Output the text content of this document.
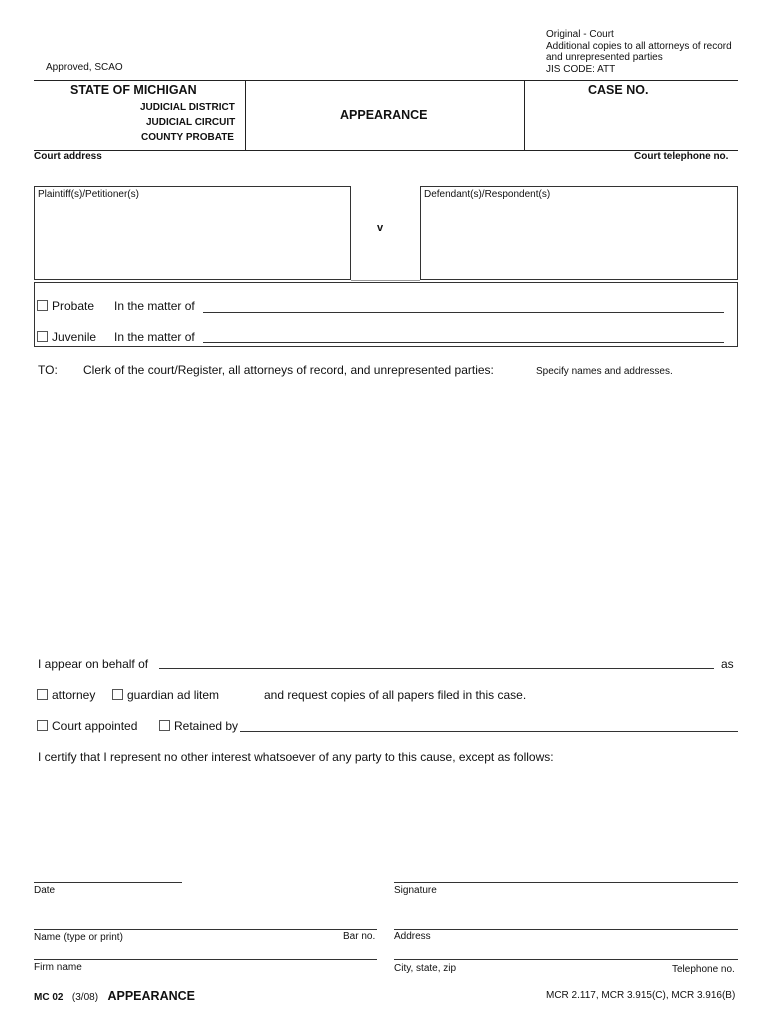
Original - Court
Additional copies to all attorneys of record
and unrepresented parties
JIS CODE: ATT
Approved, SCAO
STATE OF MICHIGAN
JUDICIAL DISTRICT
JUDICIAL CIRCUIT
COUNTY PROBATE
APPEARANCE
CASE NO.
Court address	Court telephone no.
Plaintiff(s)/Petitioner(s)
v
Defendant(s)/Respondent(s)
Probate In the matter of
Juvenile In the matter of
TO: Clerk of the court/Register, all attorneys of record, and unrepresented parties:	Specify names and addresses.
I appear on behalf of	as
attorney	guardian ad litem	and request copies of all papers filed in this case.
Court appointed	Retained by
I certify that I represent no other interest whatsoever of any party to this cause, except as follows:
Date	Signature
Name (type or print)	Bar no. Address
Firm name	City, state, zip	Telephone no.
MC 02 (3/08) APPEARANCE	MCR 2.117, MCR 3.915(C), MCR 3.916(B)
